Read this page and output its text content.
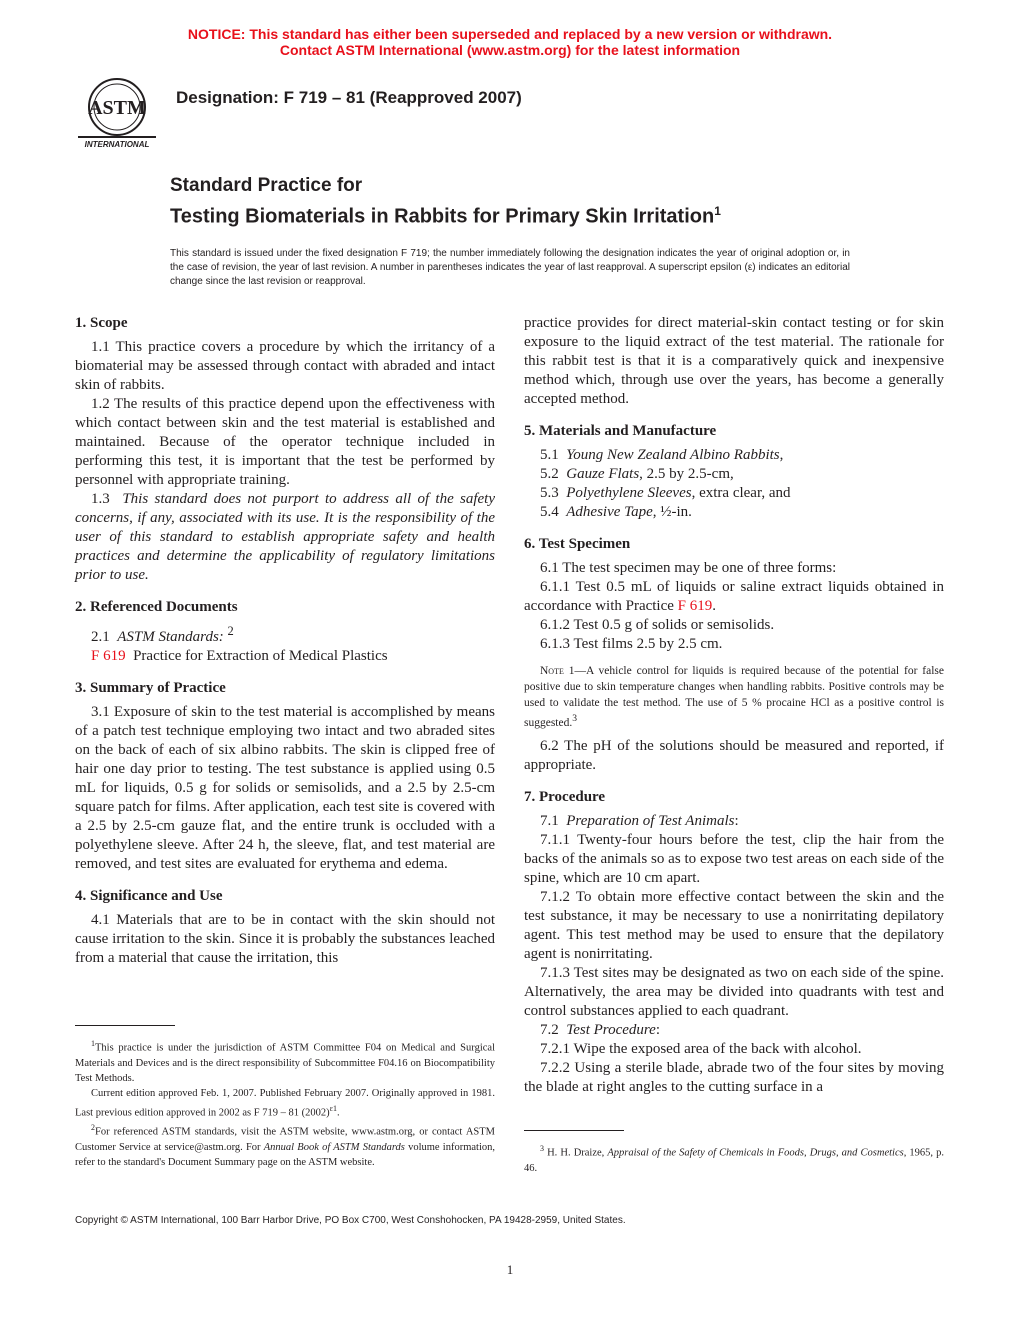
NOTICE: This standard has either been superseded and replaced by a new version or withdrawn.
Contact ASTM International (www.astm.org) for the latest information
ASTM
INTERNATIONAL
Designation: F 719 – 81 (Reapproved 2007)
Standard Practice for
Testing Biomaterials in Rabbits for Primary Skin Irritation$^1$
This standard is issued under the fixed designation F 719; the number immediately following the designation indicates the year of original adoption or, in the case of revision, the year of last revision. A number in parentheses indicates the year of last reapproval. A superscript epsilon (ε) indicates an editorial change since the last revision or reapproval.
1. Scope

1.1 This practice covers a procedure by which the irritancy of a biomaterial may be assessed through contact with abraded and intact skin of rabbits.

1.2 The results of this practice depend upon the effectiveness with which contact between skin and the test material is established and maintained. Because of the operator technique included in performing this test, it is important that the test be performed by personnel with appropriate training.

1.3 This standard does not purport to address all of the safety concerns, if any, associated with its use. It is the responsibility of the user of this standard to establish appropriate safety and health practices and determine the applicability of regulatory limitations prior to use.

2. Referenced Documents

2.1 ASTM Standards: $^2$

F 619 Practice for Extraction of Medical Plastics

3. Summary of Practice

3.1 Exposure of skin to the test material is accomplished by means of a patch test technique employing two intact and two abraded sites on the back of each of six albino rabbits. The skin is clipped free of hair one day prior to testing. The test substance is applied using 0.5 mL for liquids, 0.5 g for solids or semisolids, and a 2.5 by 2.5-cm square patch for films. After application, each test site is covered with a 2.5 by 2.5-cm gauze flat, and the entire trunk is occluded with a polyethylene sleeve. After 24 h, the sleeve, flat, and test material are removed, and test sites are evaluated for erythema and edema.

4. Significance and Use

4.1 Materials that are to be in contact with the skin should not cause irritation to the skin. Since it is probably the substances leached from a material that cause the irritation, this

$^1$This practice is under the jurisdiction of ASTM Committee F04 on Medical and Surgical Materials and Devices and is the direct responsibility of Subcommittee F04.16 on Biocompatibility Test Methods.

Current edition approved Feb. 1, 2007. Published February 2007. Originally approved in 1981. Last previous edition approved in 2002 as F 719 – 81 $(2002)^{\varepsilon 1}$.

$^2$For referenced ASTM standards, visit the ASTM website, www.astm.org, or contact ASTM Customer Service at service@astm.org. For Annual Book of ASTM Standards volume information, refer to the standard's Document Summary page on the ASTM website.

practice provides for direct material-skin contact testing or for skin exposure to the liquid extract of the test material. The rationale for this rabbit test is that it is a comparatively quick and inexpensive method which, through use over the years, has become a generally accepted method.

5. Materials and Manufacture

5.1 Young New Zealand Albino Rabbits,

5.2 Gauze Flats, 2.5 by 2.5-cm,

5.3 Polyethylene Sleeves, extra clear, and

5.4 Adhesive Tape, ½-in.

6. Test Specimen

6.1 The test specimen may be one of three forms:

6.1.1 Test 0.5 mL of liquids or saline extract liquids obtained in accordance with Practice F 619.

6.1.2 Test 0.5 g of solids or semisolids.

6.1.3 Test films 2.5 by 2.5 cm.

Note 1—A vehicle control for liquids is required because of the potential for false positive due to skin temperature changes when handling rabbits. Positive controls may be used to validate the test method. The use of 5 % procaine HCl as a positive control is suggested.$^3$

6.2 The pH of the solutions should be measured and reported, if appropriate.

7. Procedure

7.1 Preparation of Test Animals:

7.1.1 Twenty-four hours before the test, clip the hair from the backs of the animals so as to expose two test areas on each side of the spine, which are 10 cm apart.

7.1.2 To obtain more effective contact between the skin and the test substance, it may be necessary to use a nonirritating depilatory agent. This test method may be used to ensure that the depilatory agent is nonirritating.

7.1.3 Test sites may be designated as two on each side of the spine. Alternatively, the area may be divided into quadrants with test and control substances applied to each quadrant.

7.2 Test Procedure:

7.2.1 Wipe the exposed area of the back with alcohol.

7.2.2 Using a sterile blade, abrade two of the four sites by moving the blade at right angles to the cutting surface in a

$^3$ H. H. Draize, Appraisal of the Safety of Chemicals in Foods, Drugs, and Cosmetics, 1965, p. 46.

Copyright © ASTM International, 100 Barr Harbor Drive, PO Box C700, West Conshohocken, PA 19428-2959, United States.
1
